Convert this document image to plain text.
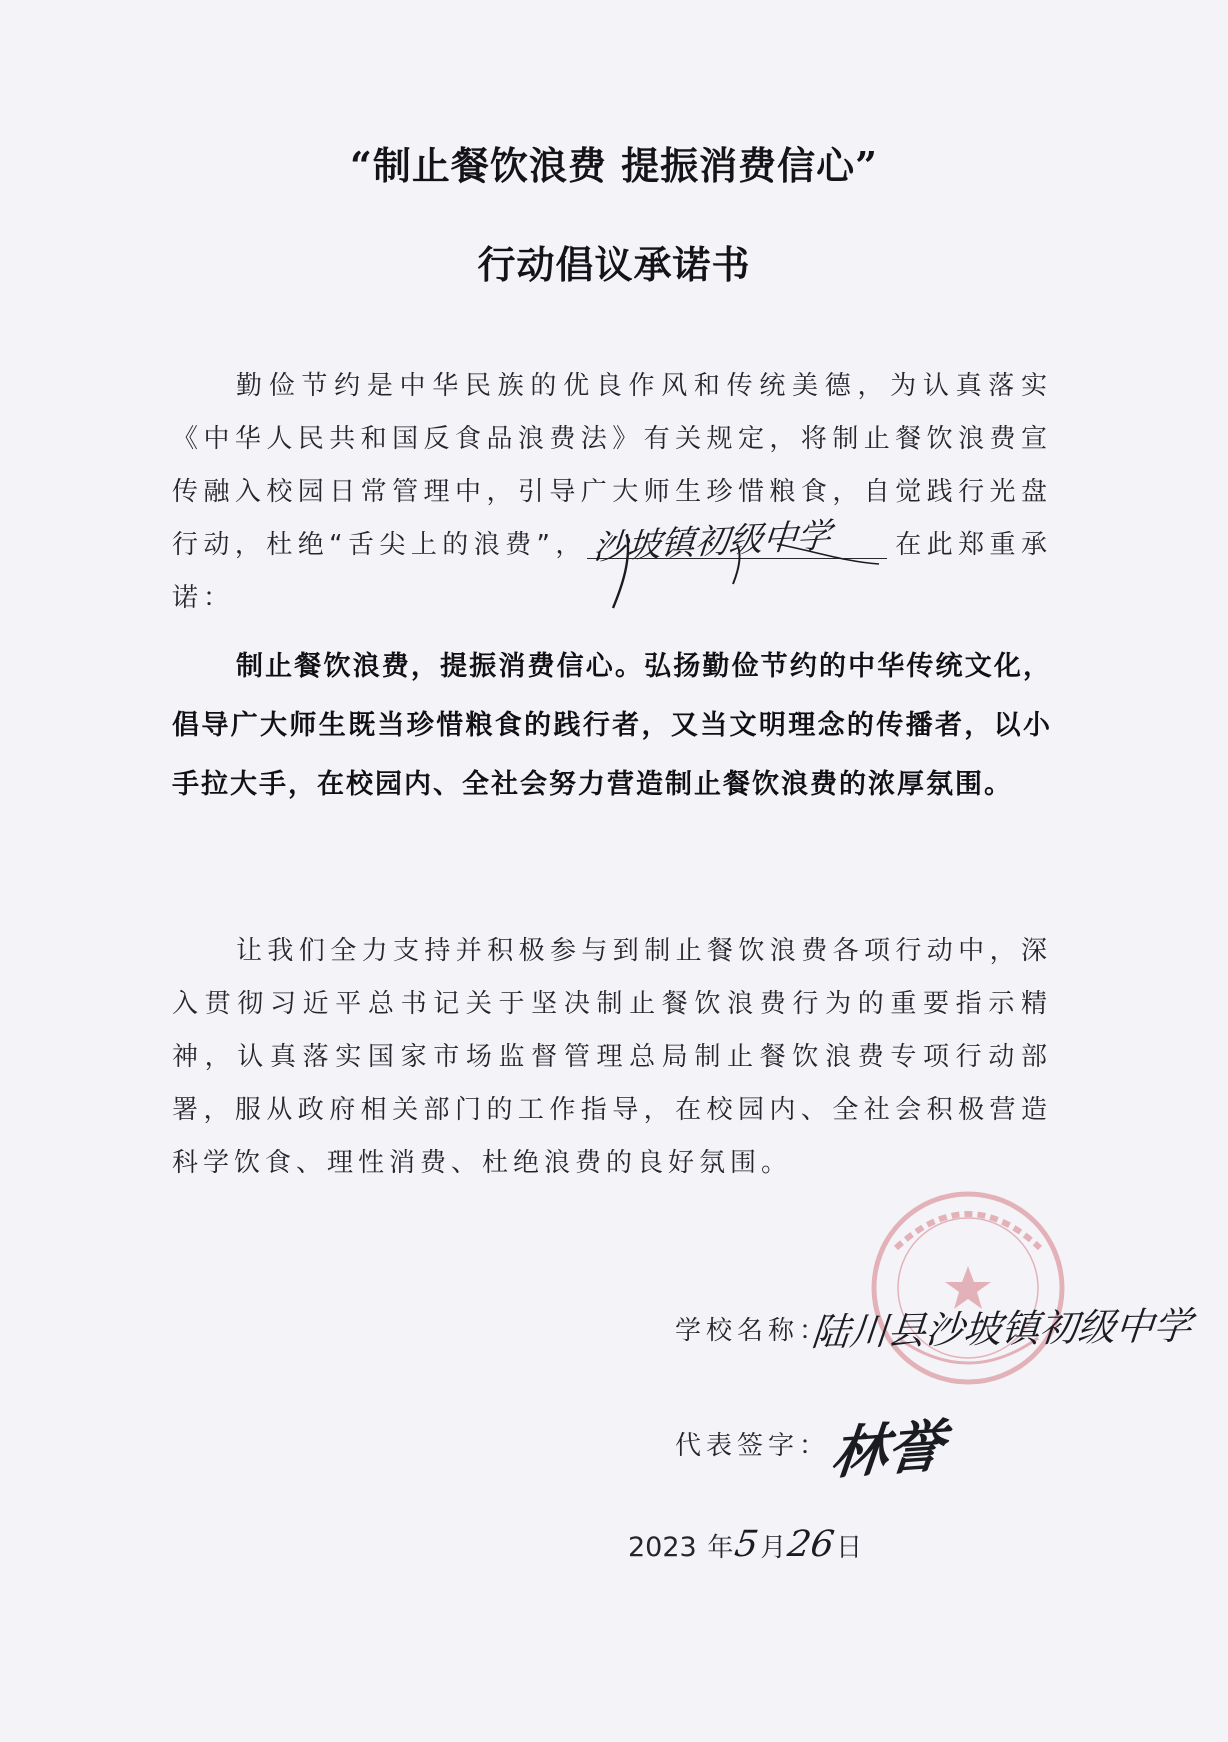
“制止餐饮浪费 提振消费信心”
行动倡议承诺书
勤俭节约是中华民族的优良作风和传统美德，为认真落实《中华人民共和国反食品浪费法》有关规定，将制止餐饮浪费宣传融入校园日常管理中，引导广大师生珍惜粮食，自觉践行光盘行动，杜绝“舌尖上的浪费”， 沙坡镇初级中学 在此郑重承诺：
制止餐饮浪费，提振消费信心。弘扬勤俭节约的中华传统文化，倡导广大师生既当珍惜粮食的践行者，又当文明理念的传播者，以小手拉大手，在校园内、全社会努力营造制止餐饮浪费的浓厚氛围。
让我们全力支持并积极参与到制止餐饮浪费各项行动中，深入贯彻习近平总书记关于坚决制止餐饮浪费行为的重要指示精神，认真落实国家市场监督管理总局制止餐饮浪费专项行动部署，服从政府相关部门的工作指导，在校园内、全社会积极营造科学饮食、理性消费、杜绝浪费的良好氛围。
学校名称：
陆川县沙坡镇初级中学
代表签字：
林誉
2023 年5月26日
